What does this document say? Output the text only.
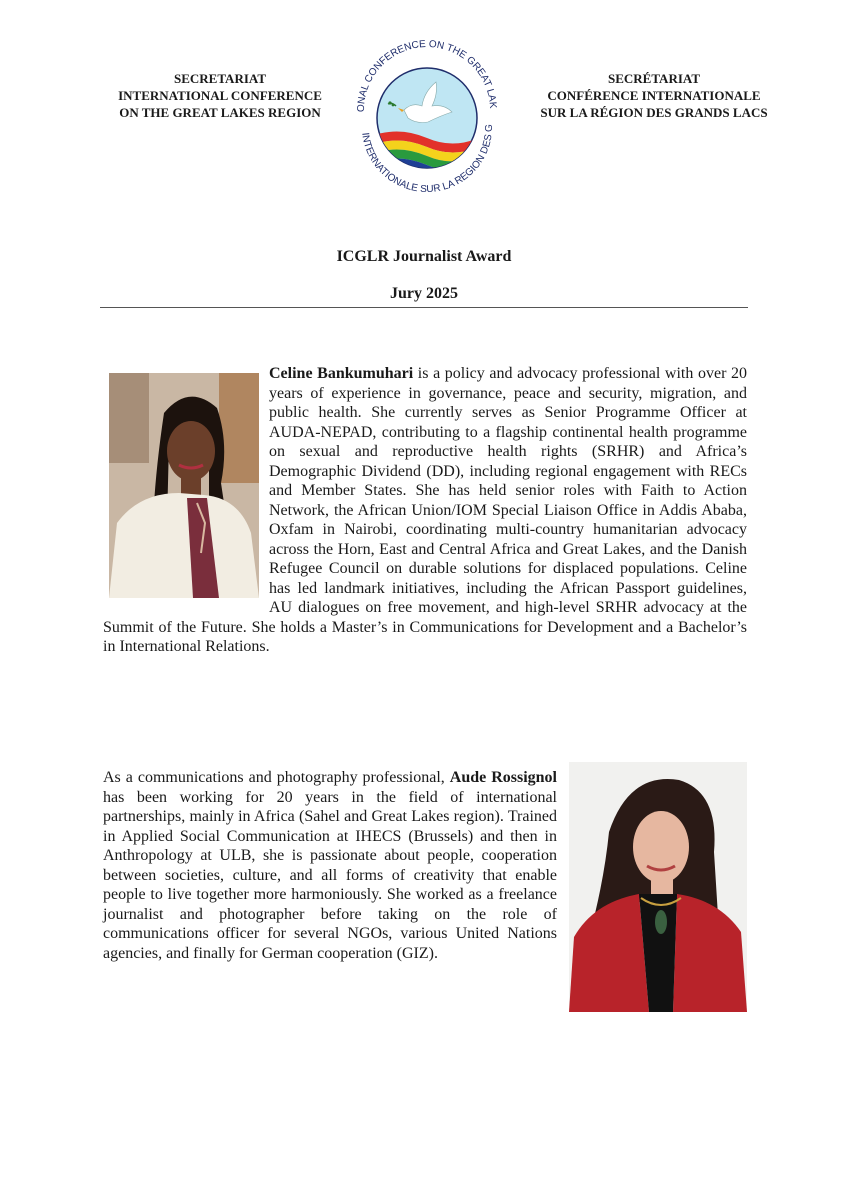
SECRETARIAT
INTERNATIONAL CONFERENCE
ON THE GREAT LAKES REGION	ONAL CONFERENCE ON THE GREAT LAK
INTERNATIONALE SUR LA REGION DES G
SECRÉTARIAT
CONFÉRENCE INTERNATIONALE
SUR LA RÉGION DES GRANDS LACS
ICGLR Journalist Award
Jury 2025

Celine Bankumuhari is a policy and advocacy professional with over 20 years of experience in governance, peace and security, migration, and public health. She currently serves as Senior Programme Officer at AUDA-NEPAD, contributing to a flagship continental health programme on sexual and reproductive health rights (SRHR) and Africa’s Demographic Dividend (DD), including regional engagement with RECs and Member States. She has held senior roles with Faith to Action Network, the African Union/IOM Special Liaison Office in Addis Ababa, Oxfam in Nairobi, coordinating multi-country humanitarian advocacy across the Horn, East and Central Africa and Great Lakes, and the Danish Refugee Council on durable solutions for displaced populations. Celine has led landmark initiatives, including the African Passport guidelines, AU dialogues on free movement, and high-level SRHR advocacy at the Summit of the Future. She holds a Master’s in Communications for Development and a Bachelor’s in International Relations.

As a communications and photography professional, Aude Rossignol has been working for 20 years in the field of international partnerships, mainly in Africa (Sahel and Great Lakes region). Trained in Applied Social Communication at IHECS (Brussels) and then in Anthropology at ULB, she is passionate about people, cooperation between societies, culture, and all forms of creativity that enable people to live together more harmoniously. She worked as a freelance journalist and photographer before taking on the role of communications officer for several NGOs, various United Nations agencies, and finally for German cooperation (GIZ).
